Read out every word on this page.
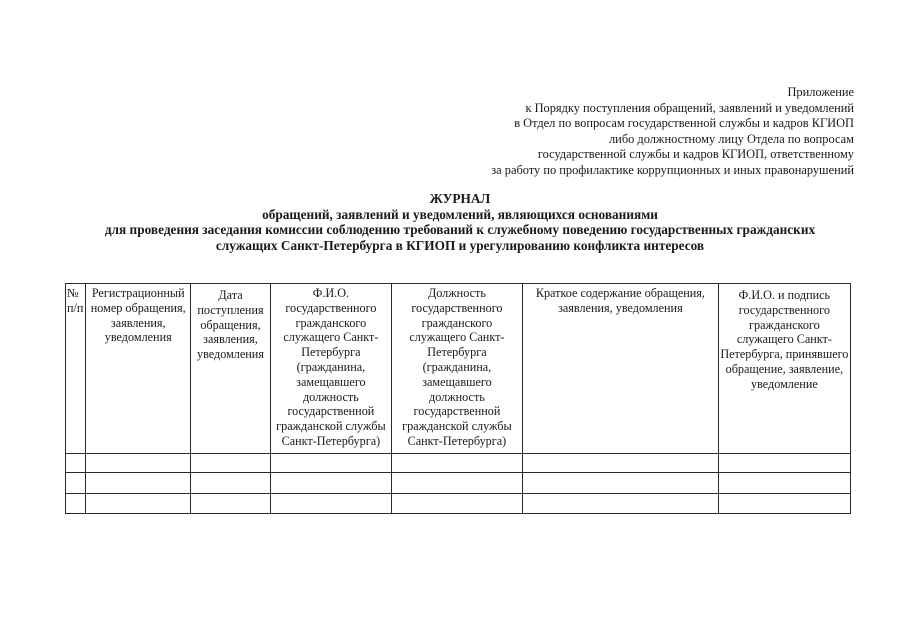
Приложение
к Порядку поступления обращений, заявлений и уведомлений
в Отдел по вопросам государственной службы и кадров КГИОП
либо должностному лицу Отдела по вопросам
государственной службы и кадров КГИОП, ответственному
за работу по профилактике коррупционных и иных правонарушений
ЖУРНАЛ
обращений, заявлений и уведомлений, являющихся основаниями
для проведения заседания комиссии соблюдению требований к служебному поведению государственных гражданских
служащих Санкт-Петербурга в КГИОП и урегулированию конфликта интересов
№ п/п	Регистрационный номер обращения, заявления, уведомления	Дата поступления обращения, заявления, уведомления	Ф.И.О. государственного гражданского служащего Санкт-Петербурга (гражданина, замещавшего должность государственной гражданской службы Санкт-Петербурга)	Должность государственного гражданского служащего Санкт-Петербурга (гражданина, замещавшего должность государственной гражданской службы Санкт-Петербурга)	Краткое содержание обращения, заявления, уведомления	Ф.И.О. и подпись государственного гражданского служащего Санкт-Петербурга, принявшего обращение, заявление, уведомление
